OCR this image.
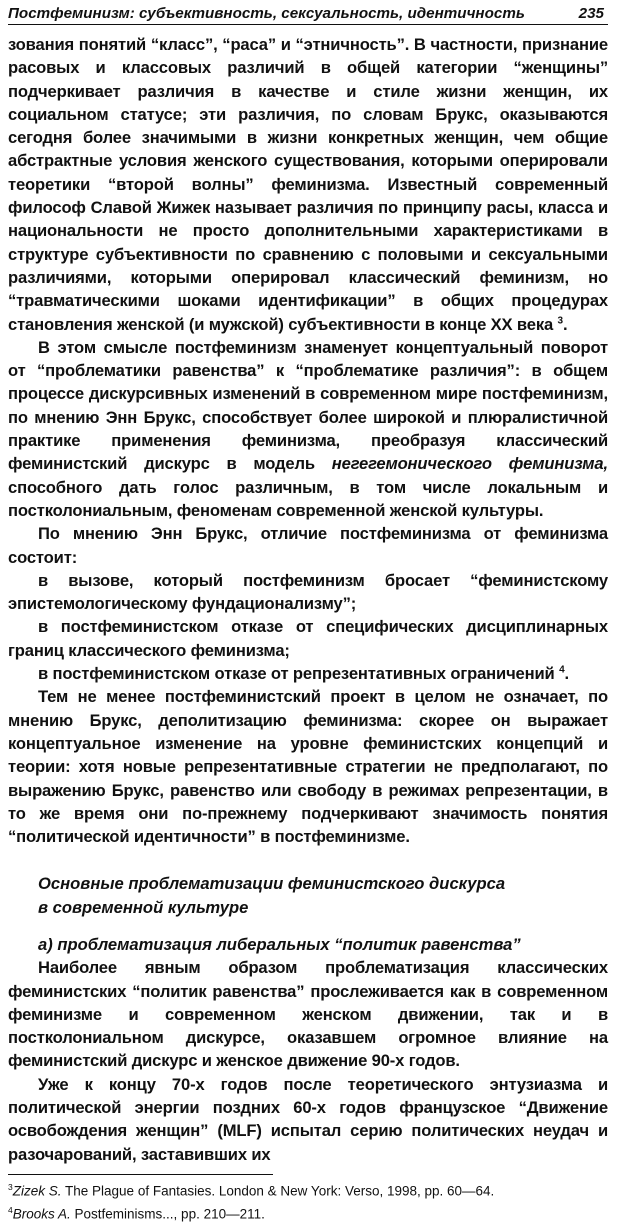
Постфеминизм: субъективность, сексуальность, идентичность	235

зования понятий “класс”, “раса” и “этничность”. В частности, признание расовых и классовых различий в общей категории “женщины” подчеркивает различия в качестве и стиле жизни женщин, их социальном статусе; эти различия, по словам Брукс, оказываются сегодня более значимыми в жизни конкретных женщин, чем общие абстрактные условия женского существования, которыми оперировали теоретики “второй волны” феминизма. Известный современный философ Славой Жижек называет различия по принципу расы, класса и национальности не просто дополнительными характеристиками в структуре субъективности по сравнению с половыми и сексуальными различиями, которыми оперировал классический феминизм, но “травматическими шоками идентификации” в общих процедурах становления женской (и мужской) субъективности в конце XX века $^3$.

В этом смысле постфеминизм знаменует концептуальный поворот от “проблематики равенства” к “проблематике различия”: в общем процессе дискурсивных изменений в современном мире постфеминизм, по мнению Энн Брукс, способствует более широкой и плюралистичной практике применения феминизма, преобразуя классический феминистский дискурс в модель негегемонического феминизма, способного дать голос различным, в том числе локальным и постколониальным, феноменам современной женской культуры.

По мнению Энн Брукс, отличие постфеминизма от феминизма состоит:

в вызове, который постфеминизм бросает “феминистскому эпистемологическому фундационализму”;

в постфеминистском отказе от специфических дисциплинарных границ классического феминизма;

в постфеминистском отказе от репрезентативных ограничений $^4$.

Тем не менее постфеминистский проект в целом не означает, по мнению Брукс, деполитизацию феминизма: скорее он выражает концептуальное изменение на уровне феминистских концепций и теории: хотя новые репрезентативные стратегии не предполагают, по выражению Брукс, равенство или свободу в режимах репрезентации, в то же время они по-прежнему подчеркивают значимость понятия “политической идентичности” в постфеминизме.

Основные проблематизации феминистского дискурса
в современной культуре
а) проблематизация либеральных “политик равенства”

Наиболее явным образом проблематизация классических феминистских “политик равенства” прослеживается как в современном феминизме и современном женском движении, так и в постколониальном дискурсе, оказавшем огромное влияние на феминистский дискурс и женское движение 90-х годов.

Уже к концу 70-х годов после теоретического энтузиазма и политической энергии поздних 60-х годов французское “Движение освобождения женщин” (MLF) испытал серию политических неудач и разочарований, заставивших их

$^3$Zizek S. The Plague of Fantasies. London & New York: Verso, 1998, pp. 60—64.

$^4$Brooks A. Postfeminisms..., pp. 210—211.
